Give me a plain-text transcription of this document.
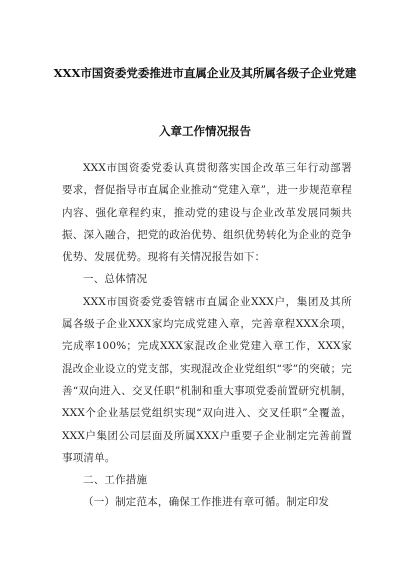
XXX市国资委党委推进市直属企业及其所属各级子企业党建
入章工作情况报告

XXX市国资委党委认真贯彻落实国企改革三年行动部署要求，督促指导市直属企业推动“党建入章”，进一步规范章程内容、强化章程约束，推动党的建设与企业改革发展同频共振、深入融合，把党的政治优势、组织优势转化为企业的竞争优势、发展优势。现将有关情况报告如下：

一、总体情况

XXX市国资委党委管辖市直属企业XXX户，集团及其所属各级子企业XXX家均完成党建入章，完善章程XXX余项，完成率100%；完成XXX家混改企业党建入章工作，XXX家混改企业设立的党支部，实现混改企业党组织“零”的突破；完善“双向进入、交叉任职”机制和重大事项党委前置研究机制，XXX个企业基层党组织实现“双向进入、交叉任职”全覆盖，XXX户集团公司层面及所属XXX户重要子企业制定完善前置事项清单。

二、工作措施

（一）制定范本，确保工作推进有章可循。制定印发
